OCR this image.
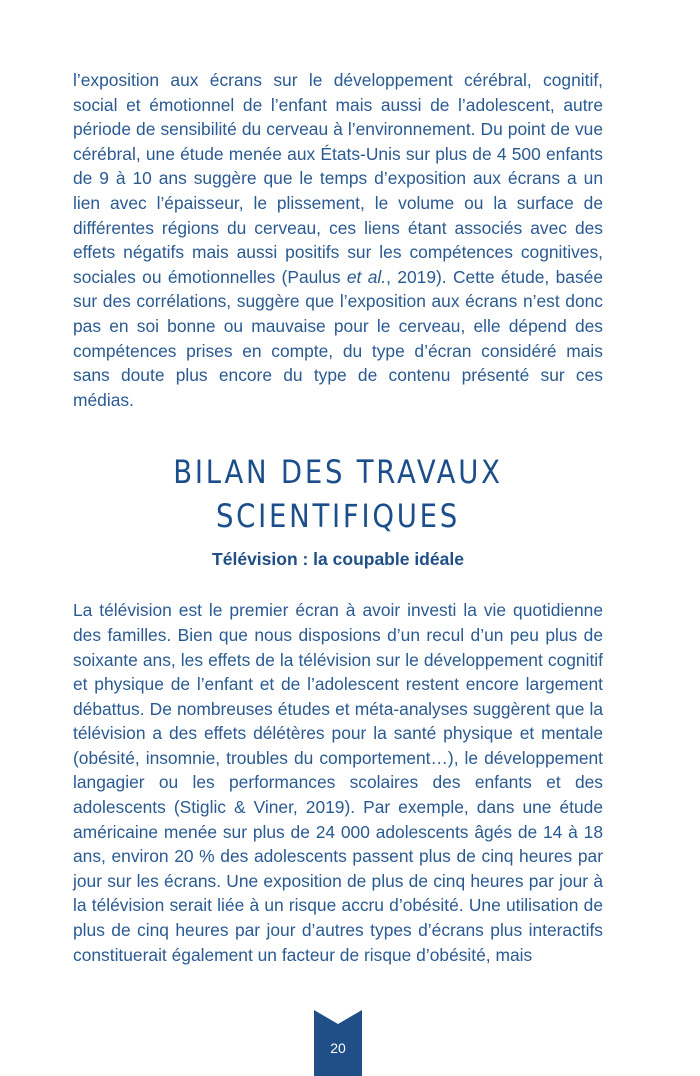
l’exposition aux écrans sur le développement cérébral, cognitif, social et émotionnel de l’enfant mais aussi de l’adolescent, autre période de sensibilité du cerveau à l’environnement. Du point de vue cérébral, une étude menée aux États-Unis sur plus de 4 500 enfants de 9 à 10 ans suggère que le temps d’exposition aux écrans a un lien avec l’épaisseur, le plissement, le volume ou la surface de différentes régions du cerveau, ces liens étant associés avec des effets négatifs mais aussi positifs sur les compétences cognitives, sociales ou émotionnelles (Paulus et al., 2019). Cette étude, basée sur des corrélations, suggère que l’exposition aux écrans n’est donc pas en soi bonne ou mauvaise pour le cerveau, elle dépend des compétences prises en compte, du type d’écran considéré mais sans doute plus encore du type de contenu présenté sur ces médias.

BILAN DES TRAVAUX SCIENTIFIQUES
Télévision : la coupable idéale

La télévision est le premier écran à avoir investi la vie quotidienne des familles. Bien que nous disposions d’un recul d’un peu plus de soixante ans, les effets de la télévision sur le développement cognitif et physique de l’enfant et de l’adolescent restent encore largement débattus. De nombreuses études et méta-analyses suggèrent que la télévision a des effets délétères pour la santé physique et mentale (obésité, insomnie, troubles du comportement…), le développement langagier ou les performances scolaires des enfants et des adolescents (Stiglic & Viner, 2019). Par exemple, dans une étude américaine menée sur plus de 24 000 adolescents âgés de 14 à 18 ans, environ 20 % des adolescents passent plus de cinq heures par jour sur les écrans. Une exposition de plus de cinq heures par jour à la télévision serait liée à un risque accru d’obésité. Une utilisation de plus de cinq heures par jour d’autres types d’écrans plus interactifs constituerait également un facteur de risque d’obésité, mais

20
